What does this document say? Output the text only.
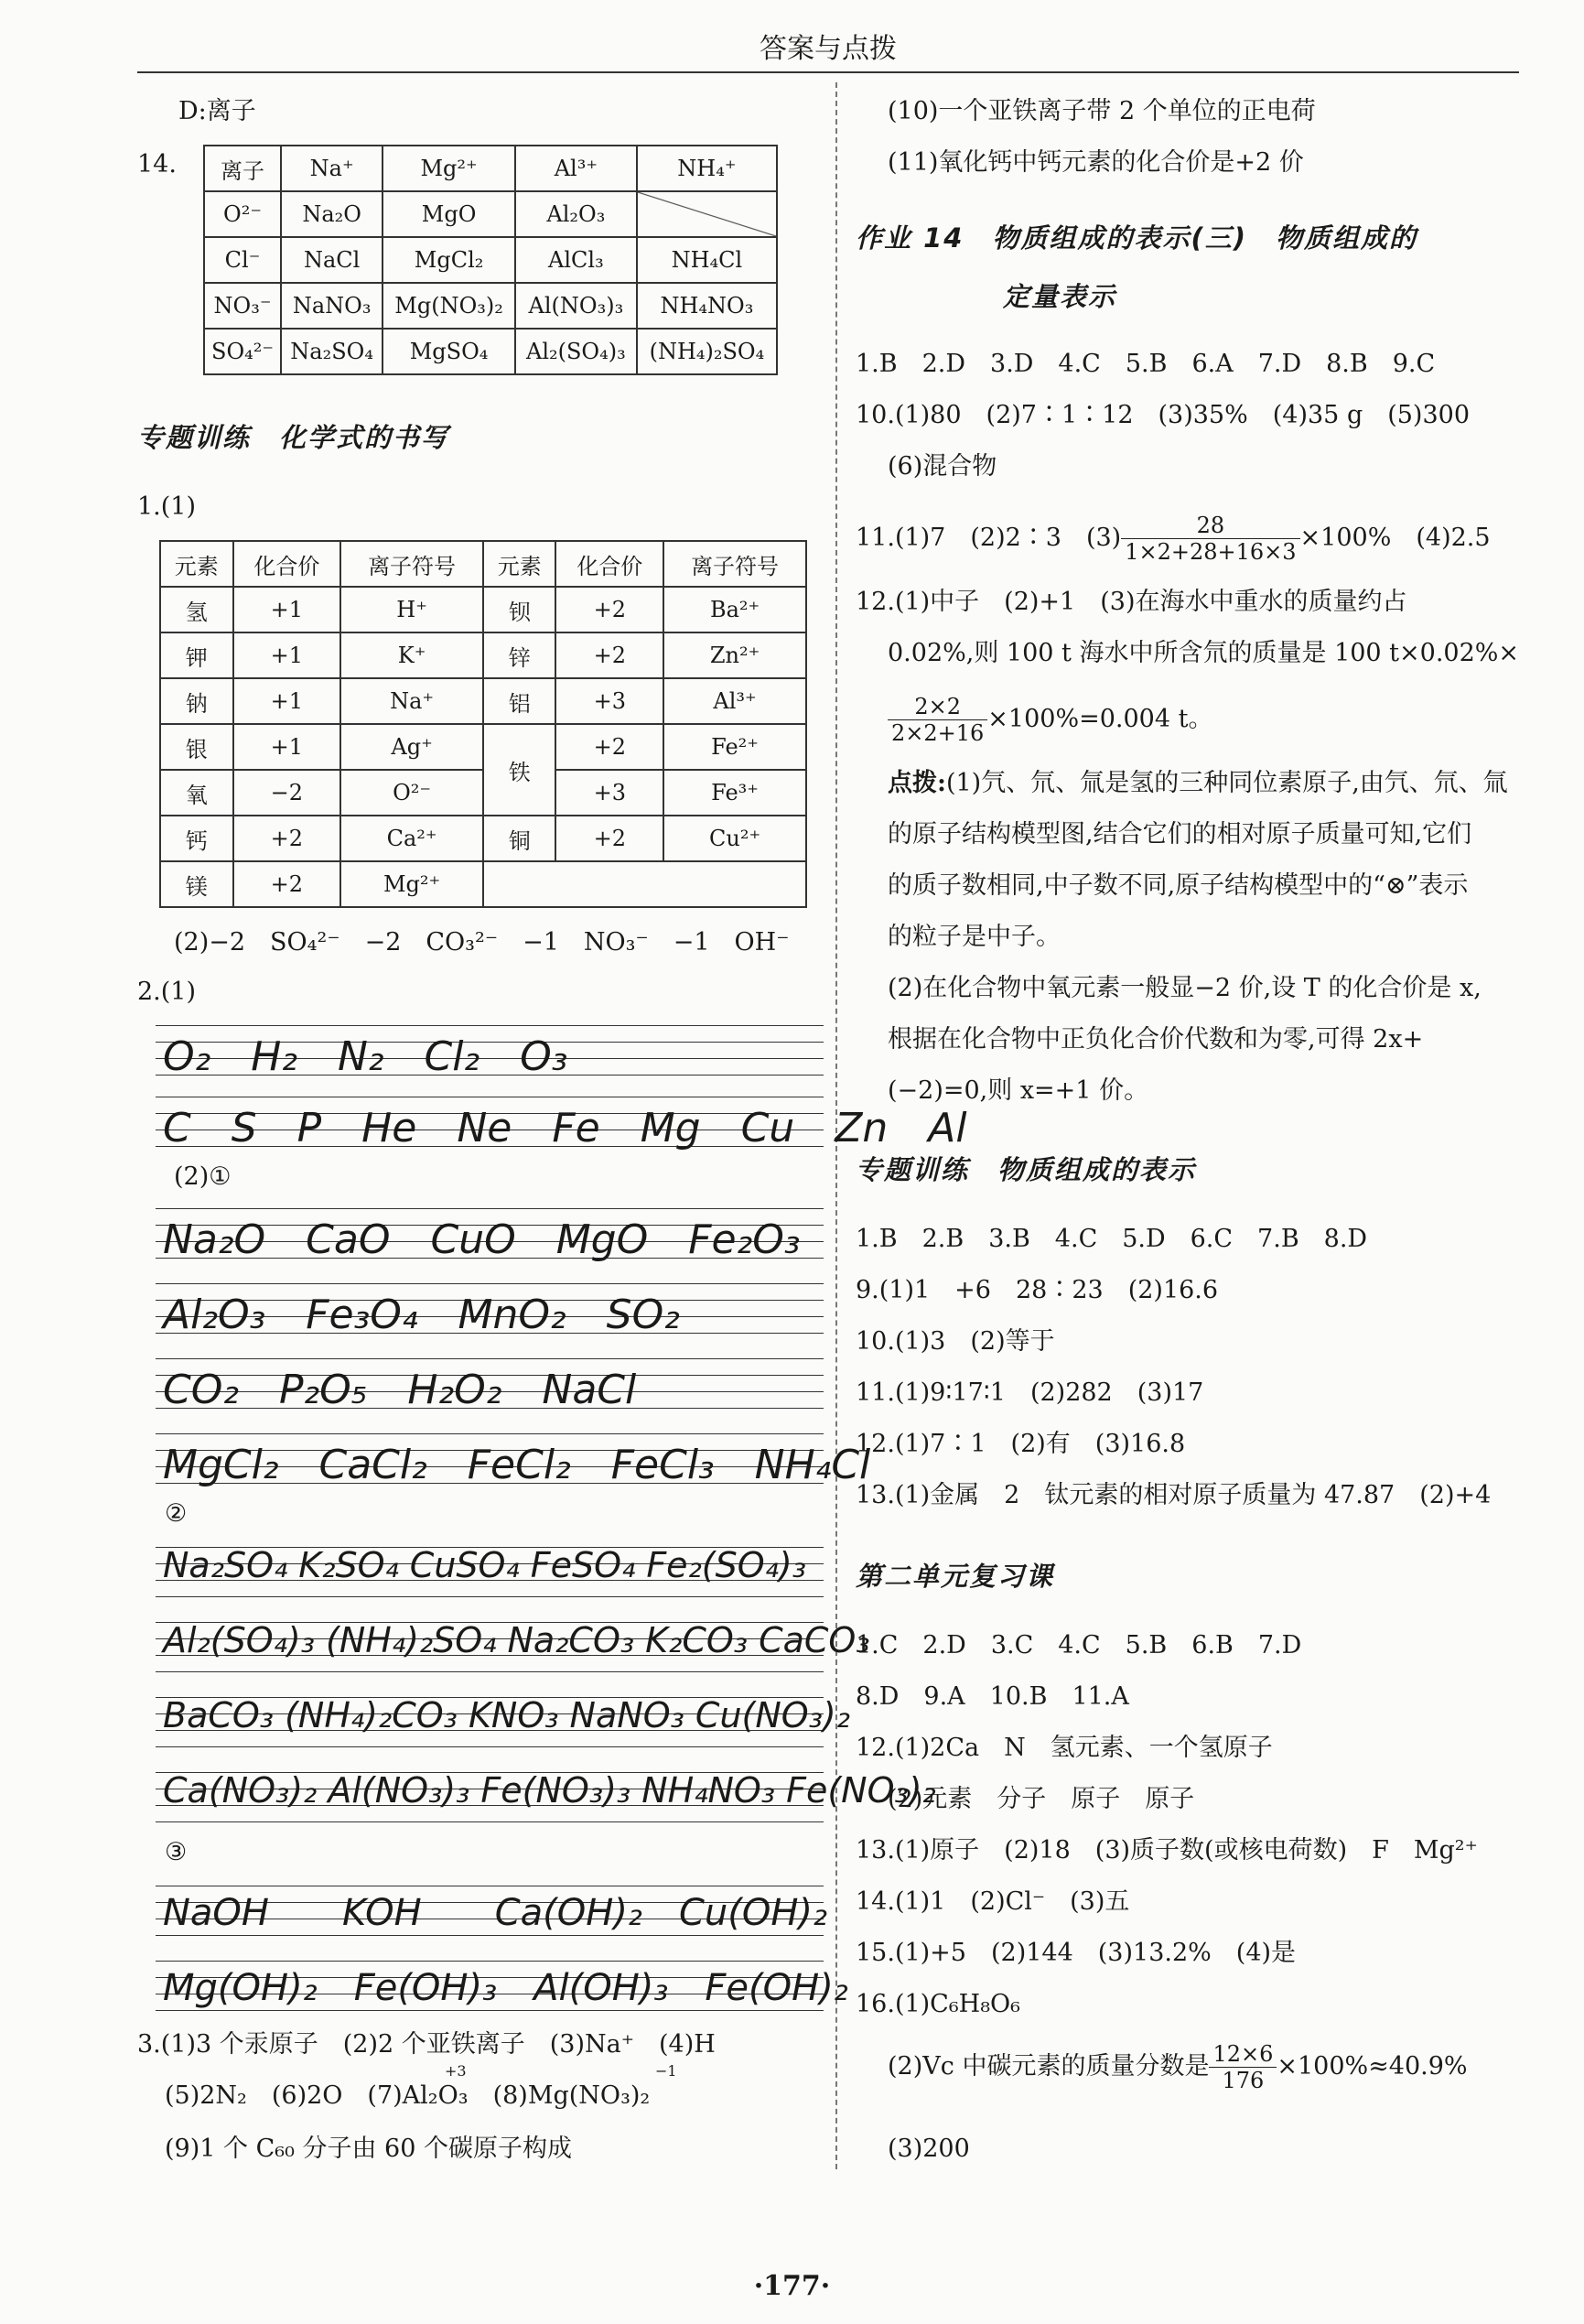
答案与点拨
D:离子
14. 离子	Na⁺	Mg²⁺	Al³⁺	NH₄⁺
O²⁻	Na₂O	MgO	Al₂O₃	
Cl⁻	NaCl	MgCl₂	AlCl₃	NH₄Cl
NO₃⁻	NaNO₃	Mg(NO₃)₂	Al(NO₃)₃	NH₄NO₃
SO₄²⁻	Na₂SO₄	MgSO₄	Al₂(SO₄)₃	(NH₄)₂SO₄
专题训练　化学式的书写
1.(1)
元素	化合价	离子符号	元素	化合价	离子符号
氢	+1	H⁺	钡	+2	Ba²⁺
钾	+1	K⁺	锌	+2	Zn²⁺
钠	+1	Na⁺	铝	+3	Al³⁺
银	+1	Ag⁺	铁	+2	Fe²⁺
氧	−2	O²⁻		+3	Fe³⁺
钙	+2	Ca²⁺	铜	+2	Cu²⁺
镁	+2	Mg²⁺			
(2)−2　SO₄²⁻　−2　CO₃²⁻　−1　NO₃⁻　−1　OH⁻
2.(1)
O₂　H₂　N₂　Cl₂　O₃
C　S　P　He　Ne　Fe　Mg　Cu　Zn　Al
(2)①
Na₂O　CaO　CuO　MgO　Fe₂O₃
Al₂O₃　Fe₃O₄　MnO₂　SO₂
CO₂　P₂O₅　H₂O₂　NaCl
MgCl₂　CaCl₂　FeCl₂　FeCl₃　NH₄Cl
②
Na₂SO₄ K₂SO₄ CuSO₄ FeSO₄ Fe₂(SO₄)₃
Al₂(SO₄)₃ (NH₄)₂SO₄ Na₂CO₃ K₂CO₃ CaCO₃
BaCO₃ (NH₄)₂CO₃ KNO₃ NaNO₃ Cu(NO₃)₂
Ca(NO₃)₂ Al(NO₃)₃ Fe(NO₃)₃ NH₄NO₃ Fe(NO₃)₂
③
NaOH　　KOH　　Ca(OH)₂　Cu(OH)₂
Mg(OH)₂　Fe(OH)₃　Al(OH)₃　Fe(OH)₂
3.(1)3 个汞原子　(2)2 个亚铁离子　(3)Na⁺　(4)H
+3	−1
(5)2N₂　(6)2O　(7)Al₂O₃　(8)Mg(NO₃)₂
(9)1 个 C₆₀ 分子由 60 个碳原子构成
(10)一个亚铁离子带 2 个单位的正电荷
(11)氧化钙中钙元素的化合价是+2 价
作业 14　物质组成的表示(三)　物质组成的
定量表示
1.B　2.D　3.D　4.C　5.B　6.A　7.D　8.B　9.C
10.(1)80　(2)7∶1∶12　(3)35%　(4)35 g　(5)300
(6)混合物
11.(1)7　(2)2∶3　$(3) \frac{28}{1\times 2+28+16\times 3} \times 100\%$　(4)2.5
12.(1)中子　(2)+1　(3)在海水中重水的质量约占
0.02%,则 100 t 海水中所含氘的质量是 100 t×0.02%×
$\frac{2\times 2}{2\times 2+16} \times 100\%=0.004$ t。
点拨:(1)氕、氘、氚是氢的三种同位素原子,由氕、氘、氚
的原子结构模型图,结合它们的相对原子质量可知,它们
的质子数相同,中子数不同,原子结构模型中的“⊗”表示
的粒子是中子。
(2)在化合物中氧元素一般显−2 价,设 T 的化合价是 x,
根据在化合物中正负化合价代数和为零,可得 2x+
(−2)=0,则 x=+1 价。
专题训练　物质组成的表示
1.B　2.B　3.B　4.C　5.D　6.C　7.B　8.D
9.(1)1　+6　28∶23　(2)16.6
10.(1)3　(2)等于
11.(1)9∶17∶1　(2)282　(3)17
12.(1)7∶1　(2)有　(3)16.8
13.(1)金属　2　钛元素的相对原子质量为 47.87　(2)+4
第二单元复习课
1.C　2.D　3.C　4.C　5.B　6.B　7.D
8.D　9.A　10.B　11.A
12.(1)2Ca　N　氢元素、一个氢原子
(2)元素　分子　原子　原子
13.(1)原子　(2)18　(3)质子数(或核电荷数)　F　Mg²⁺
14.(1)1　(2)Cl⁻　(3)五
15.(1)+5　(2)144　(3)13.2%　(4)是
16.(1)C₆H₈O₆
(2)Vc 中碳元素的质量分数是 $\frac{12\times 6}{176} \times 100\%\approx 40.9\%$
(3)200
·177·
